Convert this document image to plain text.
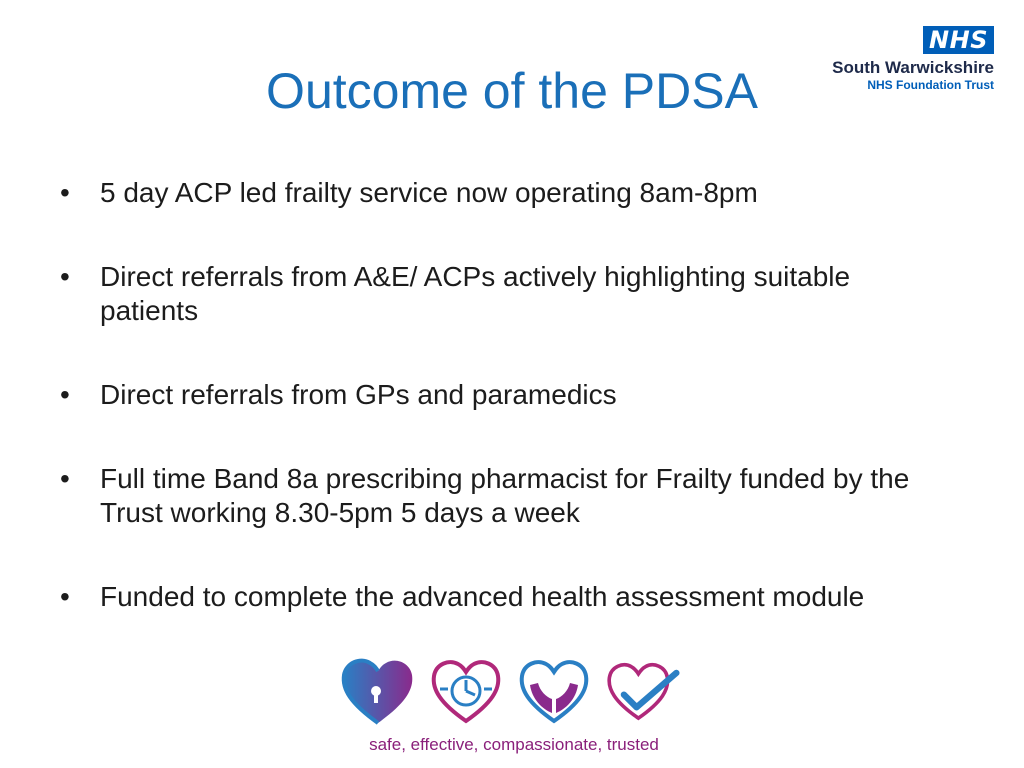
Outcome of the PDSA
NHS
South Warwickshire
NHS Foundation Trust
• 5 day ACP led frailty service now operating 8am-8pm
• Direct referrals from A&E/ ACPs actively highlighting suitable patients
• Direct referrals from GPs and paramedics
• Full time Band 8a prescribing pharmacist for Frailty funded by the Trust working 8.30-5pm 5 days a week
• Funded to complete the advanced health assessment module
safe, effective, compassionate, trusted
